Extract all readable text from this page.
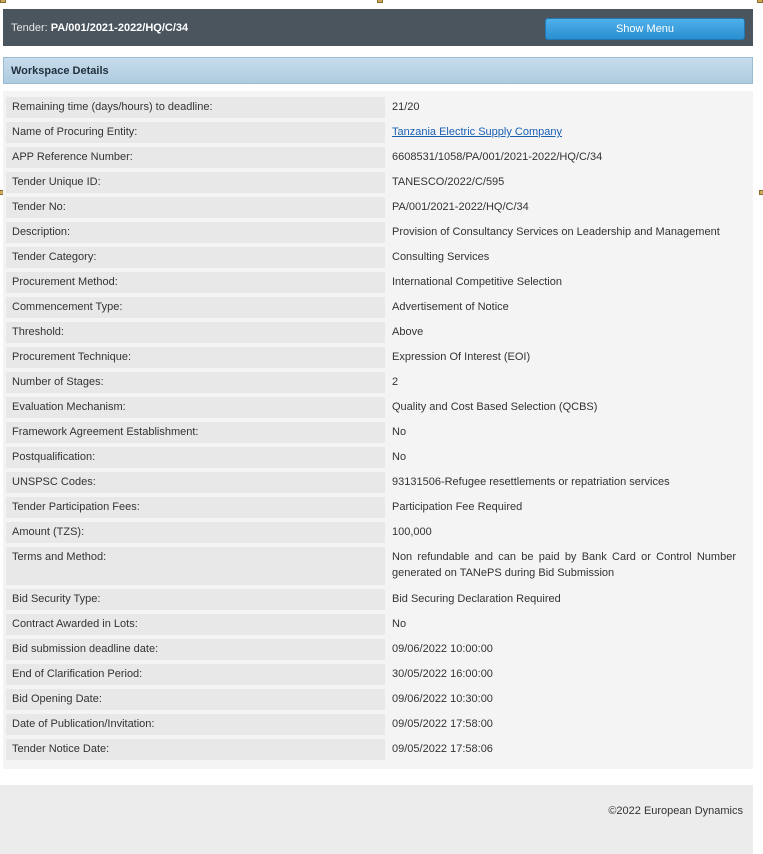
Tender: PA/001/2021-2022/HQ/C/34	Show Menu
Workspace Details
Remaining time (days/hours) to deadline:	21/20
Name of Procuring Entity:	Tanzania Electric Supply Company
APP Reference Number:	6608531/1058/PA/001/2021-2022/HQ/C/34
Tender Unique ID:	TANESCO/2022/C/595
Tender No:	PA/001/2021-2022/HQ/C/34
Description:	Provision of Consultancy Services on Leadership and Management
Tender Category:	Consulting Services
Procurement Method:	International Competitive Selection
Commencement Type:	Advertisement of Notice
Threshold:	Above
Procurement Technique:	Expression Of Interest (EOI)
Number of Stages:	2
Evaluation Mechanism:	Quality and Cost Based Selection (QCBS)
Framework Agreement Establishment:	No
Postqualification:	No
UNSPSC Codes:	93131506-Refugee resettlements or repatriation services
Tender Participation Fees:	Participation Fee Required
Amount (TZS):	100,000
Terms and Method:	Non refundable and can be paid by Bank Card or Control Number generated on TANePS during Bid Submission
Bid Security Type:	Bid Securing Declaration Required
Contract Awarded in Lots:	No
Bid submission deadline date:	09/06/2022 10:00:00
End of Clarification Period:	30/05/2022 16:00:00
Bid Opening Date:	09/06/2022 10:30:00
Date of Publication/Invitation:	09/05/2022 17:58:00
Tender Notice Date:	09/05/2022 17:58:06
©2022 European Dynamics
